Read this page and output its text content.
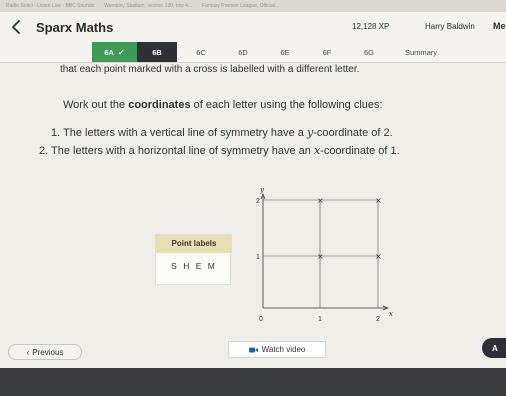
Radio Soleil - Listen Live - BBC Sounds Wembley Stadium, section 130, row 4... Fantasy Premier League, Official...
Sparx Maths	12,128 XP	Harry Baldwin Me
6A ✓	6B	6C	6D	6E	6F	6G	Summary
that each point marked with a cross is labelled with a different letter.
Work out the coordinates of each letter using the following clues:
1. The letters with a vertical line of symmetry have a y-coordinate of 2.
2. The letters with a horizontal line of symmetry have an x-coordinate of 1.
Point labels
S H E M
y
x
2
1
0	1	2
×	×
×	×
‹ Previous	Watch video	A
